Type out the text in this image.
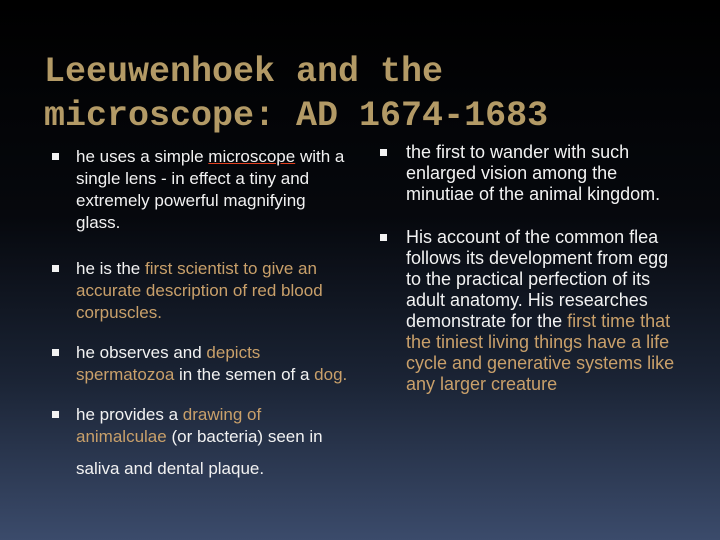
Leeuwenhoek and the
microscope: AD 1674-1683
he uses a simple microscope with a single lens - in effect a tiny and extremely powerful magnifying glass.
he is the first scientist to give an accurate description of red blood corpuscles.
he observes and depicts spermatozoa in the semen of a dog.
he provides a drawing of animalculae (or bacteria) seen in
saliva and dental plaque.
the first to wander with such enlarged vision among the minutiae of the animal kingdom.
His account of the common flea follows its development from egg to the practical perfection of its adult anatomy. His researches demonstrate for the first time that the tiniest living things have a life cycle and generative systems like any larger creature
